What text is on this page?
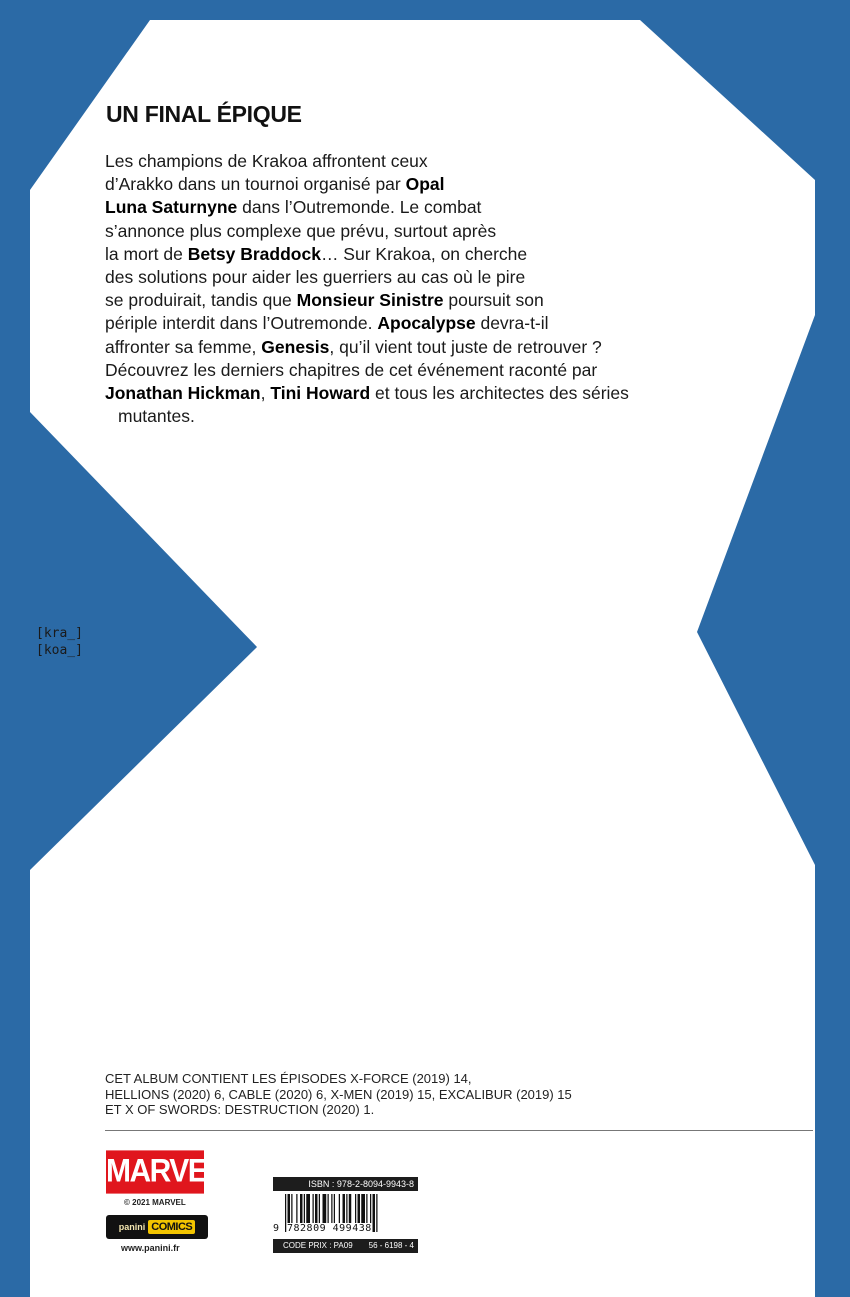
UN FINAL ÉPIQUE
Les champions de Krakoa affrontent ceux
d’Arakko dans un tournoi organisé par Opal
Luna Saturnyne dans l’Outremonde. Le combat
s’annonce plus complexe que prévu, surtout après
la mort de Betsy Braddock… Sur Krakoa, on cherche
des solutions pour aider les guerriers au cas où le pire
se produirait, tandis que Monsieur Sinistre poursuit son
périple interdit dans l’Outremonde. Apocalypse devra-t-il
affronter sa femme, Genesis, qu’il vient tout juste de retrouver ?
Découvrez les derniers chapitres de cet événement raconté par
Jonathan Hickman, Tini Howard et tous les architectes des séries
mutantes.
[kra_]
[koa_]
CET ALBUM CONTIENT LES ÉPISODES X-FORCE (2019) 14,
HELLIONS (2020) 6, CABLE (2020) 6, X-MEN (2019) 15, EXCALIBUR (2019) 15
ET X OF SWORDS: DESTRUCTION (2020) 1.
MARVEL
© 2021 MARVEL
panini COMICS
www.panini.fr
ISBN : 978-2-8094-9943-8
9 782809 499438
CODE PRIX : PA09 56 - 6198 - 4
